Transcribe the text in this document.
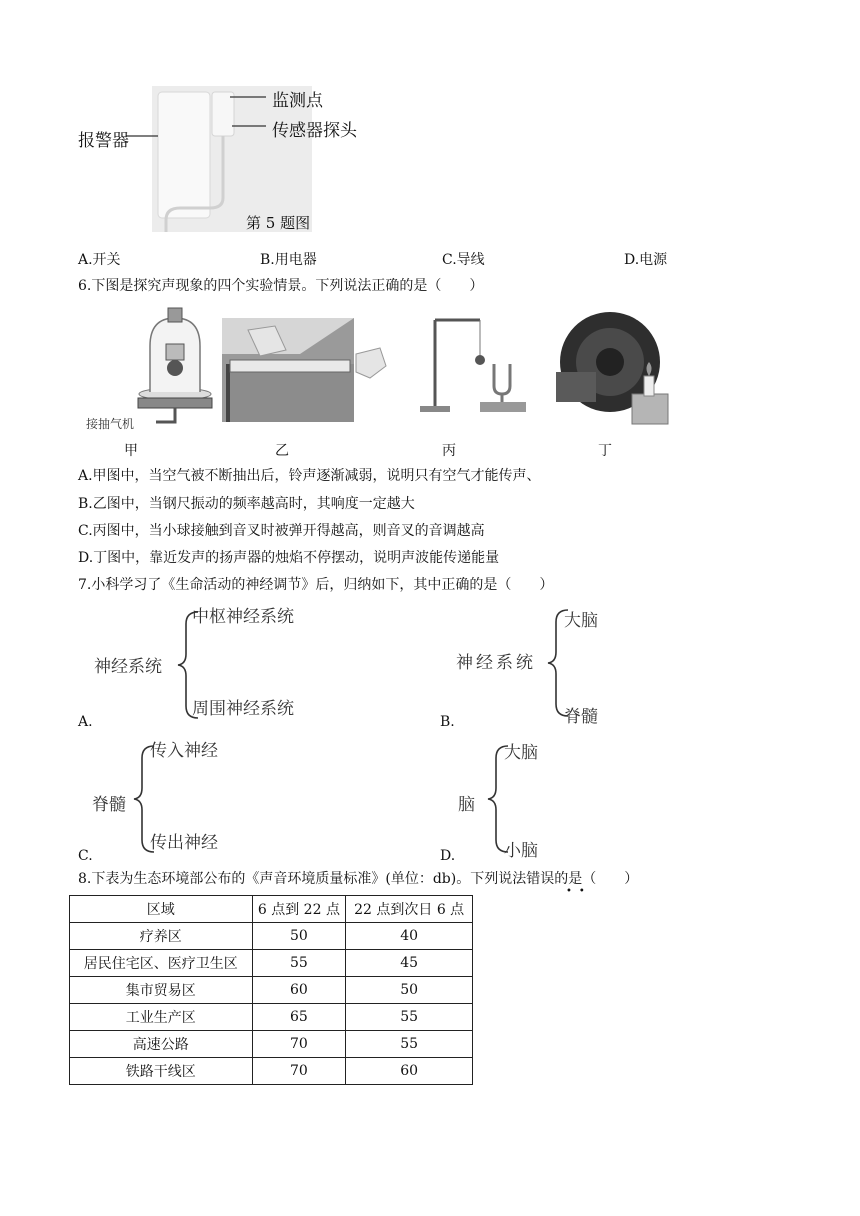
报警器
监测点
传感器探头
第 5 题图
A.开关	B.用电器	C.导线	D.电源
6.下图是探究声现象的四个实验情景。下列说法正确的是（　　）
接抽气机
甲	乙	丙	丁
A.甲图中，当空气被不断抽出后，铃声逐渐减弱，说明只有空气才能传声、
B.乙图中，当钢尺振动的频率越高时，其响度一定越大
C.丙图中，当小球接触到音叉时被弹开得越高，则音叉的音调越高
D.丁图中，靠近发声的扬声器的烛焰不停摆动，说明声波能传递能量
7.小科学习了《生命活动的神经调节》后，归纳如下，其中正确的是（　　）
神经系统
中枢神经系统
周围神经系统
A.
神经系统
大脑
脊髓
B.
脊髓
传入神经
传出神经
C.
脑
大脑
小脑
D.
8.下表为生态环境部公布的《声音环境质量标准》(单位：db)。下列说法错误的是（　　）
•​•
区域	6 点到 22 点	22 点到次日 6 点
疗养区	50	40
居民住宅区、医疗卫生区	55	45
集市贸易区	60	50
工业生产区	65	55
高速公路	70	55
铁路干线区	70	60
